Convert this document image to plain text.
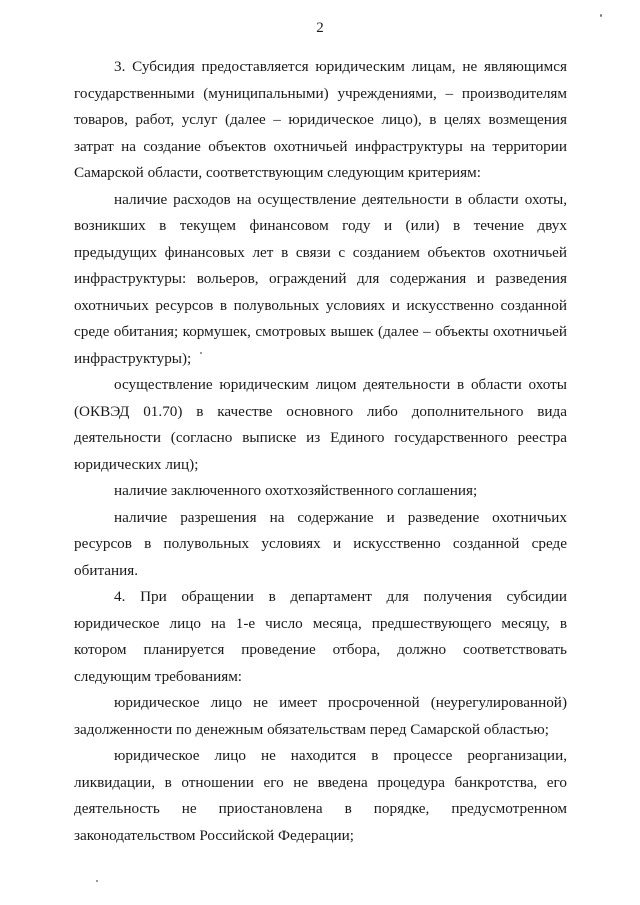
2

3. Субсидия предоставляется юридическим лицам, не являющимся
государственными (муниципальными) учреждениями, – производителям
товаров, работ, услуг (далее – юридическое лицо), в целях возмещения
затрат на создание объектов охотничьей инфраструктуры на территории
Самарской области, соответствующим следующим критериям:

наличие расходов на осуществление деятельности в области охоты,
возникших в текущем финансовом году и (или) в течение двух
предыдущих финансовых лет в связи с созданием объектов охотничьей
инфраструктуры: вольеров, ограждений для содержания и разведения
охотничьих ресурсов в полувольных условиях и искусственно созданной
среде обитания; кормушек, смотровых вышек (далее – объекты охотничьей
инфраструктуры);

осуществление юридическим лицом деятельности в области охоты
(ОКВЭД 01.70) в качестве основного либо дополнительного вида
деятельности (согласно выписке из Единого государственного реестра
юридических лиц);

наличие заключенного охотхозяйственного соглашения;

наличие разрешения на содержание и разведение охотничьих
ресурсов в полувольных условиях и искусственно созданной среде
обитания.

4. При обращении в департамент для получения субсидии
юридическое лицо на 1-е число месяца, предшествующего месяцу, в
котором планируется проведение отбора, должно соответствовать
следующим требованиям:

юридическое лицо не имеет просроченной (неурегулированной)
задолженности по денежным обязательствам перед Самарской областью;

юридическое лицо не находится в процессе реорганизации,
ликвидации, в отношении его не введена процедура банкротства, его
деятельность не приостановлена в порядке, предусмотренном
законодательством Российской Федерации;
